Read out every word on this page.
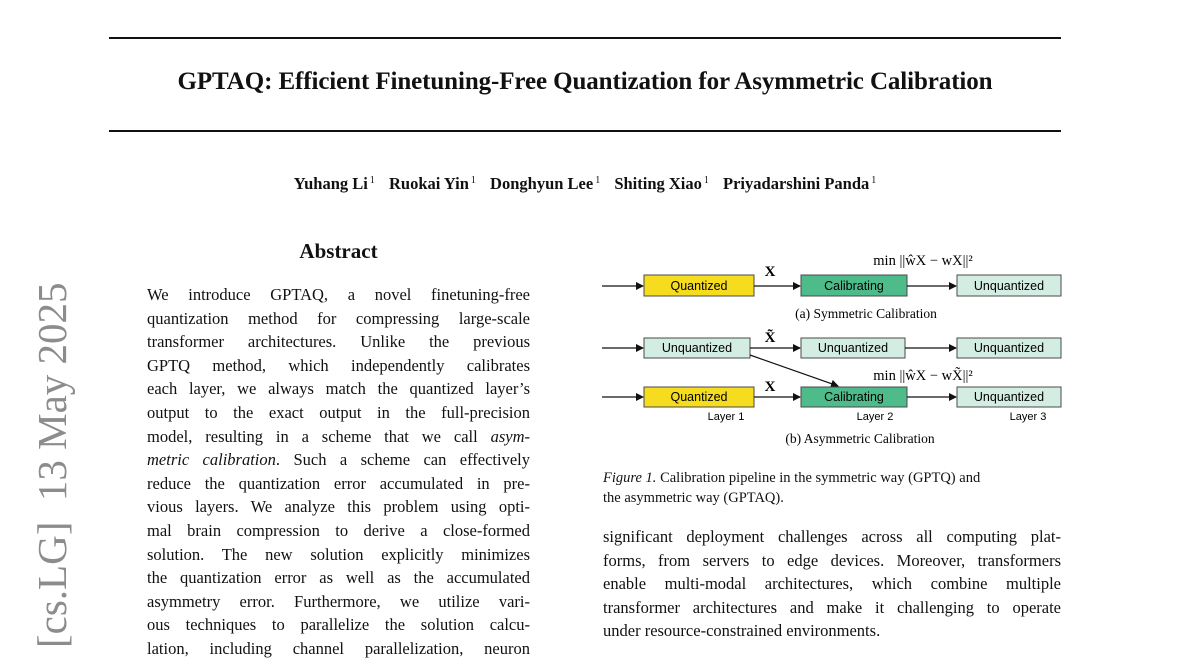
GPTAQ: Efficient Finetuning-Free Quantization for Asymmetric Calibration
Yuhang Li $^1$ Ruokai Yin $^1$ Donghyun Lee $^1$ Shiting Xiao $^1$ Priyadarshini Panda $^1$
[cs.LG]  13 May 2025
Abstract

We introduce GPTAQ, a novel finetuning-free
quantization method for compressing large-scale
transformer architectures. Unlike the previous
GPTQ method, which independently calibrates
each layer, we always match the quantized layer’s
output to the exact output in the full-precision
model, resulting in a scheme that we call asym-
metric calibration. Such a scheme can effectively
reduce the quantization error accumulated in pre-
vious layers. We analyze this problem using opti-
mal brain compression to derive a close-formed
solution. The new solution explicitly minimizes
the quantization error as well as the accumulated
asymmetry error. Furthermore, we utilize vari-
ous techniques to parallelize the solution calcu-
lation, including channel parallelization, neuron

min ||ŵX − wX||²
Quantized
X
Calibrating	Unquantized
(a) Symmetric Calibration
Unquantized
X̃
Unquantized	Unquantized
min ||ŵX − wX̃||²
Quantized
X
Calibrating	Unquantized
Layer 1	Layer 2	Layer 3
(b) Asymmetric Calibration

Figure 1. Calibration pipeline in the symmetric way (GPTQ) and
the asymmetric way (GPTAQ).

significant deployment challenges across all computing plat-
forms, from servers to edge devices. Moreover, transformers
enable multi-modal architectures, which combine multiple
transformer architectures and make it challenging to operate
under resource-constrained environments.
